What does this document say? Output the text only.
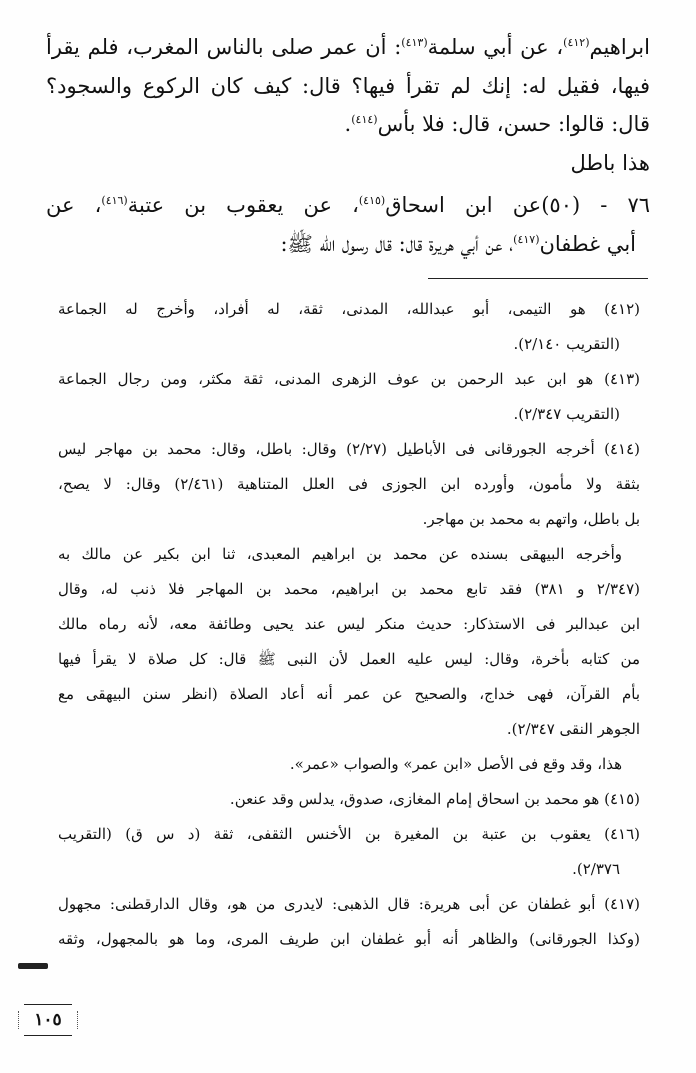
ابراهيم$^{(٤١٢)}$، عن أبي سلمة$^{(٤١٣)}$: أن عمر صلى بالناس المغرب، فلم يقرأ

فيها، فقيل له: إنك لم تقرأ فيها؟ قال: كيف كان الركوع والسجود؟

قال: قالوا: حسن، قال: فلا بأس$^{(٤١٤)}$.

هذا باطل

٧٦ - (٥٠)عن ابن اسحاق$^{(٤١٥)}$، عن يعقوب بن عتبة$^{(٤١٦)}$، عن

أبي غطفان$^{(٤١٧)}$، عن أبي هريرة قال: قال رسول الله ﷺ:

(٤١٢) هو التيمى، أبو عبدالله، المدنى، ثقة، له أفراد، وأخرج له الجماعة

(التقريب ٢/١٤٠).

(٤١٣) هو ابن عبد الرحمن بن عوف الزهرى المدنى، ثقة مكثر، ومن رجال الجماعة

(التقريب ٢/٣٤٧).

(٤١٤) أخرجه الجورقانى فى الأباطيل (٢/٢٧) وقال: باطل، وقال: محمد بن مهاجر ليس

بثقة ولا مأمون، وأورده ابن الجوزى فى العلل المتناهية (٢/٤٦١) وقال: لا يصح،

بل باطل، واتهم به محمد بن مهاجر.

وأخرجه البيهقى بسنده عن محمد بن ابراهيم المعبدى، ثنا ابن بكير عن مالك به

(٢/٣٤٧ و ٣٨١) فقد تابع محمد بن ابراهيم، محمد بن المهاجر فلا ذنب له، وقال

ابن عبدالبر فى الاستذكار: حديث منكر ليس عند يحيى وطائفة معه، لأنه رماه مالك

من كتابه بأخرة، وقال: ليس عليه العمل لأن النبى ﷺ قال: كل صلاة لا يقرأ فيها

بأم القرآن، فهى خداج، والصحيح عن عمر أنه أعاد الصلاة (انظر سنن البيهقى مع

الجوهر النقى ٢/٣٤٧).

هذا، وقد وقع فى الأصل «ابن عمر» والصواب «عمر».

(٤١٥) هو محمد بن اسحاق إمام المغازى، صدوق، يدلس وقد عنعن.

(٤١٦) يعقوب بن عتبة بن المغيرة بن الأخنس الثقفى، ثقة (د س ق) (التقريب

٢/٣٧٦).

(٤١٧) أبو غطفان عن أبى هريرة: قال الذهبى: لايدرى من هو، وقال الدارقطنى: مجهول

(وكذا الجورقانى) والظاهر أنه أبو غطفان ابن طريف المرى، وما هو بالمجهول، وثقه

١٠٥
